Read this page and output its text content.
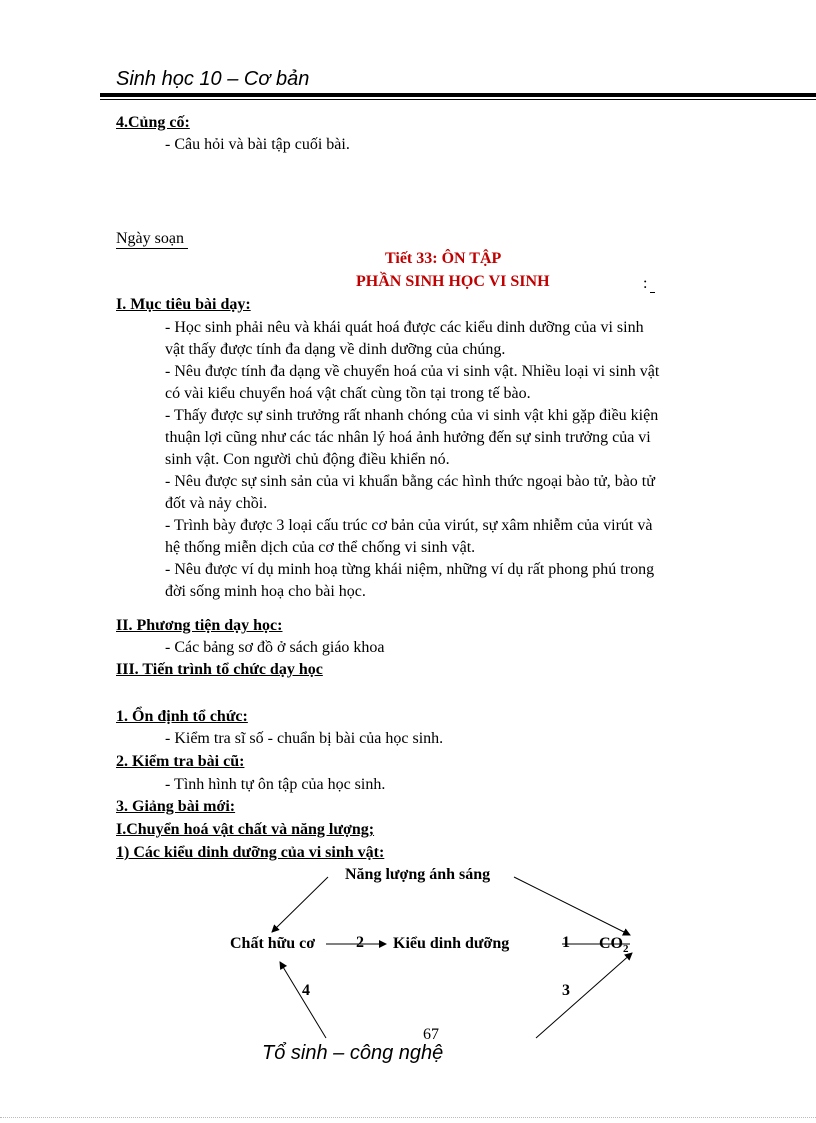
Sinh học 10 – Cơ bản
4.Củng cố:
- Câu hỏi và bài tập cuối bài.
Ngày soạn
Tiết 33: ÔN TẬP
PHẦN SINH HỌC VI SINH	:
I. Mục tiêu bài dạy:
- Học sinh phải nêu và khái quát hoá được các kiểu dinh dưỡng của vi sinh
vật thấy được tính đa dạng về dinh dưỡng của chúng.
- Nêu được tính đa dạng về chuyển hoá của vi sinh vật. Nhiều loại vi sinh vật
có vài kiểu chuyển hoá vật chất cùng tồn tại trong tế bào.
- Thấy được sự sinh trưởng rất nhanh chóng của vi sinh vật khi gặp điều kiện
thuận lợi cũng như các tác nhân lý hoá ảnh hưởng đến sự sinh trưởng của vi
sinh vật. Con người chủ động điều khiển nó.
- Nêu được sự sinh sản của vi khuẩn bằng các hình thức ngoại bào tử, bào tử
đốt và nảy chồi.
- Trình bày được 3 loại cấu trúc cơ bản của virút, sự xâm nhiễm của virút và
hệ thống miễn dịch của cơ thể chống vi sinh vật.
- Nêu được ví dụ minh hoạ từng khái niệm, những ví dụ rất phong phú trong
đời sống minh hoạ cho bài học.
II. Phương tiện dạy học:
- Các bảng sơ đồ ở sách giáo khoa
III. Tiến trình tổ chức dạy học
1. Ổn định tổ chức:
- Kiểm tra sĩ số - chuẩn bị bài của học sinh.
2. Kiểm tra bài cũ:
- Tình hình tự ôn tập của học sinh.
3. Giảng bài mới:
I.Chuyển hoá vật chất và năng lượng;
1) Các kiểu dinh dưỡng của vi sinh vật:
Năng lượng ánh sáng
Chất hữu cơ	2 Kiểu dinh dưỡng	1 $CO_2$
4	3
67
Tổ sinh – công nghệ
